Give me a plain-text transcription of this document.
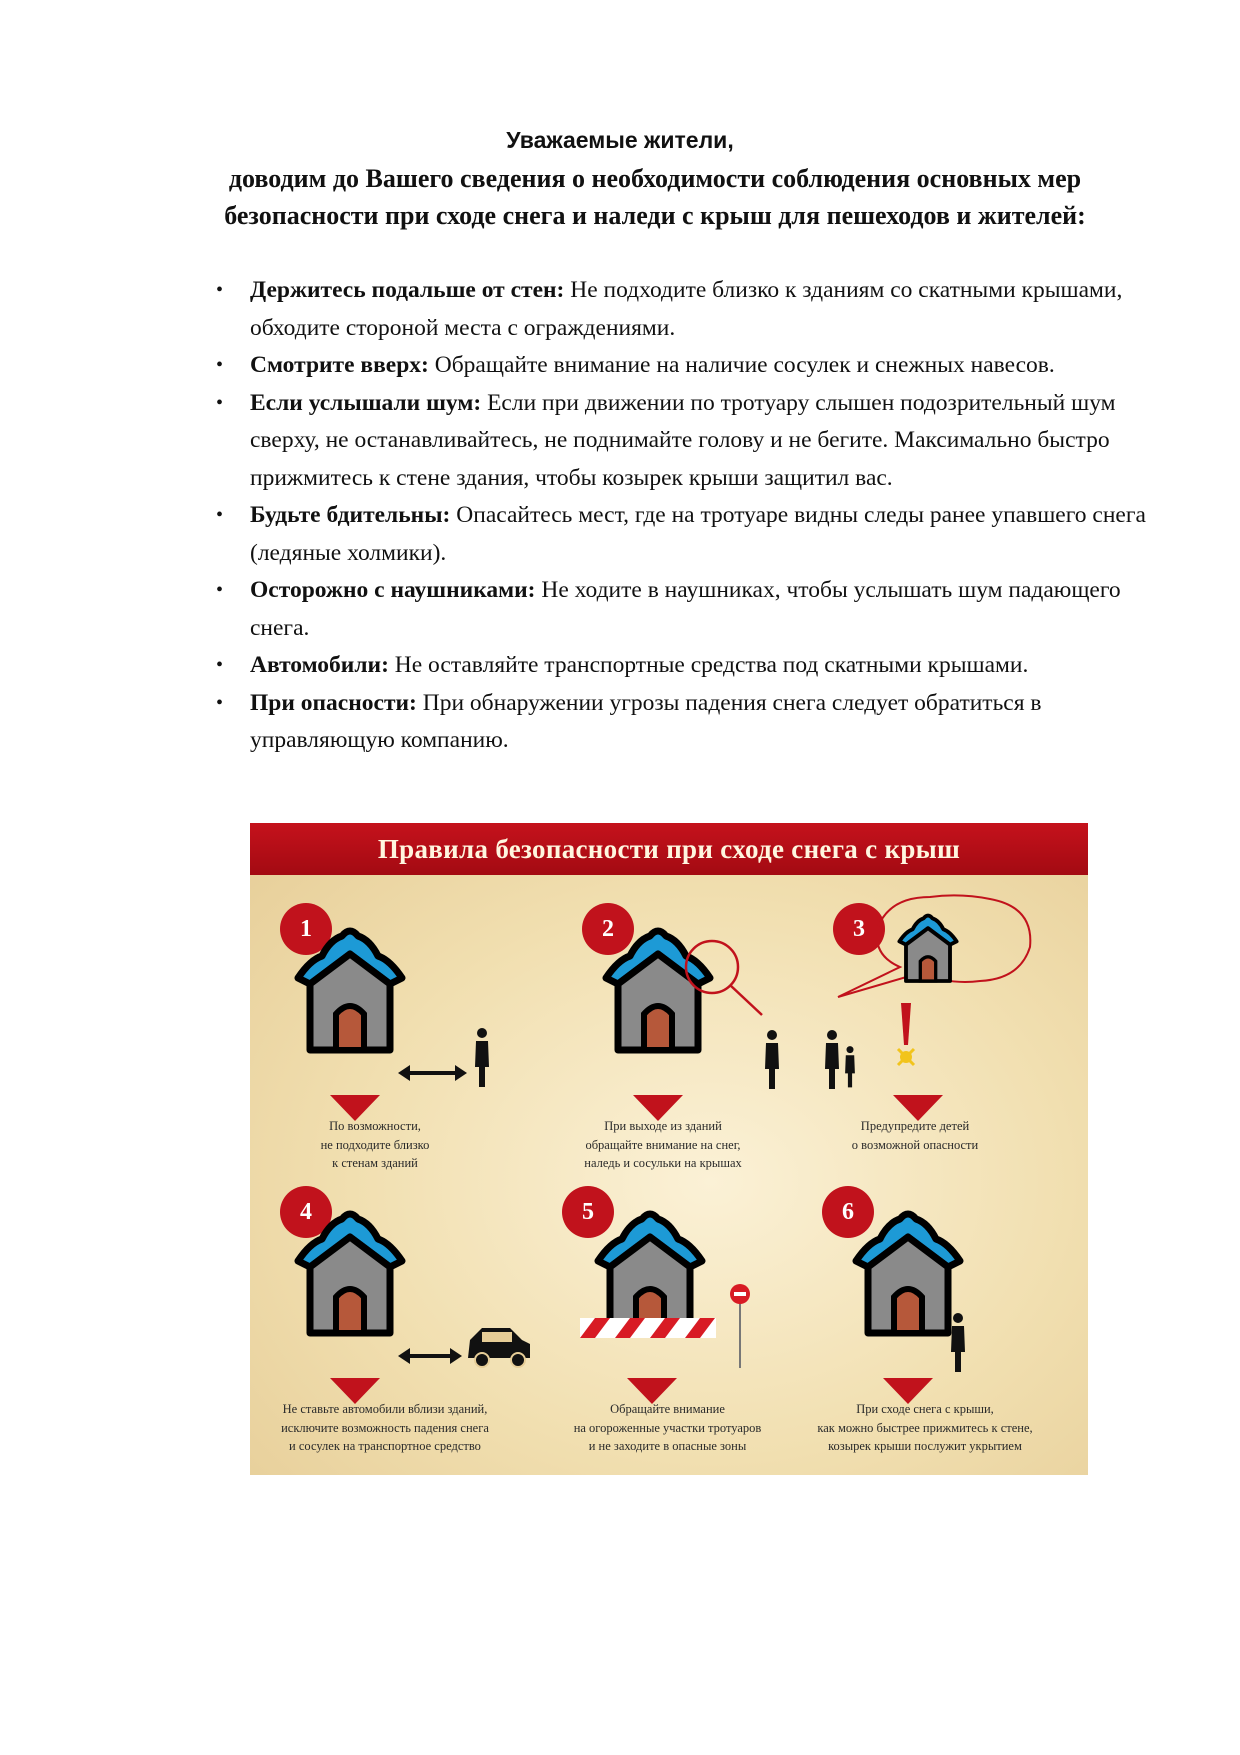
Уважаемые жители,

доводим до Вашего сведения о необходимости соблюдения основных мер безопасности при сходе снега и наледи с крыш для пешеходов и жителей:

• Держитесь подальше от стен: Не подходите близко к зданиям со скатными крышами, обходите стороной места с ограждениями.
• Смотрите вверх: Обращайте внимание на наличие сосулек и снежных навесов.
• Если услышали шум: Если при движении по тротуару слышен подозрительный шум сверху, не останавливайтесь, не поднимайте голову и не бегите. Максимально быстро прижмитесь к стене здания, чтобы козырек крыши защитил вас.
• Будьте бдительны: Опасайтесь мест, где на тротуаре видны следы ранее упавшего снега (ледяные холмики).
• Осторожно с наушниками: Не ходите в наушниках, чтобы услышать шум падающего снега.
• Автомобили: Не оставляйте транспортные средства под скатными крышами.
• При опасности: При обнаружении угрозы падения снега следует обратиться в управляющую компанию.

Правила безопасности при сходе снега с крыш

1

По возможности,
не подходите близко
к стенам зданий

2

При выходе из зданий
обращайте внимание на снег,
наледь и сосульки на крышах

3

Предупредите детей
о возможной опасности

4

Не ставьте автомобили вблизи зданий,
исключите возможность падения снега
и сосулек на транспортное средство

5

Обращайте внимание
на огороженные участки тротуаров
и не заходите в опасные зоны

6

При сходе снега с крыши,
как можно быстрее прижмитесь к стене,
козырек крыши послужит укрытием
